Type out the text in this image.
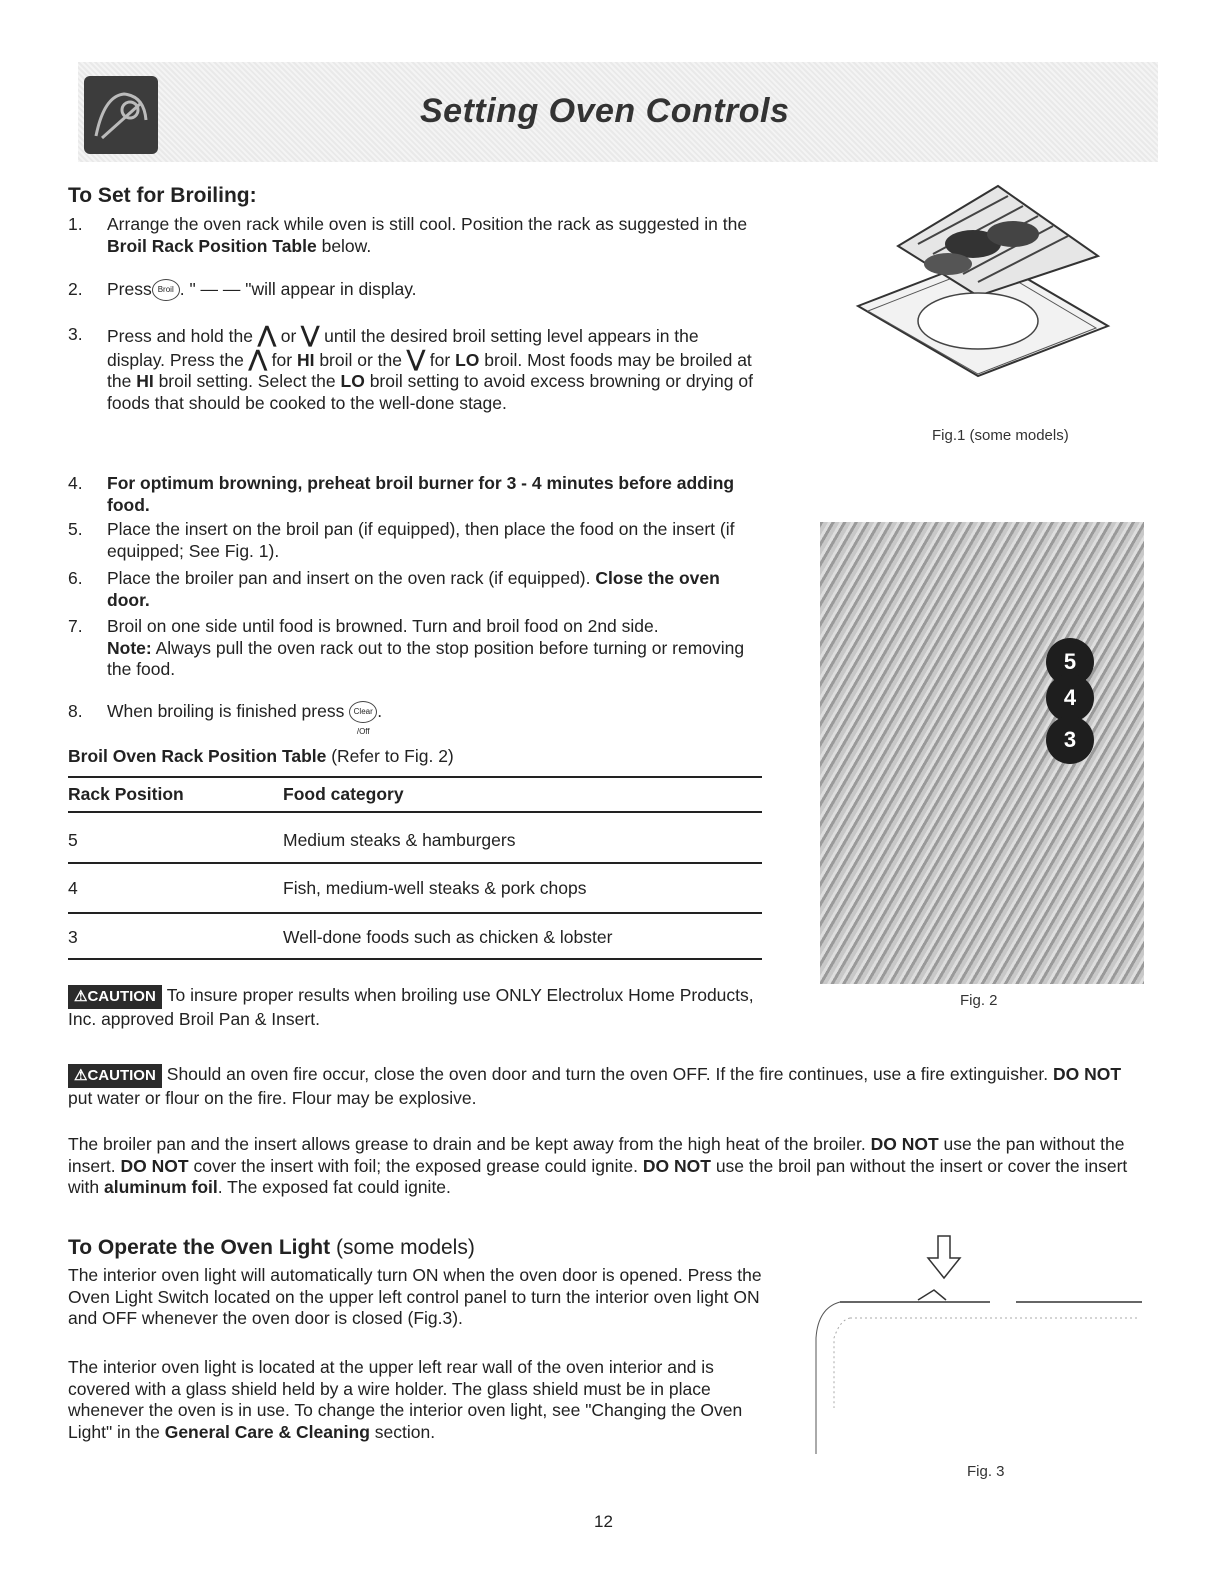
Setting Oven Controls
To Set for Broiling:
1. Arrange the oven rack while oven is still cool. Position the rack as suggested in the Broil Rack Position Table below.
2. Press Broil . " — — "will appear in display.
3. Press and hold the ⋀ or ⋁ until the desired broil setting level appears in the display. Press the ⋀ for HI broil or the ⋁ for LO broil. Most foods may be broiled at the HI broil setting. Select the LO broil setting to avoid excess browning or drying of foods that should be cooked to the well-done stage.
4. For optimum browning, preheat broil burner for 3 - 4 minutes before adding food.
5. Place the insert on the broil pan (if equipped), then place the food on the insert (if equipped; See Fig. 1).
6. Place the broiler pan and insert on the oven rack (if equipped). Close the oven door.
7. Broil on one side until food is browned. Turn and broil food on 2nd side.
Note: Always pull the oven rack out to the stop position before turning or removing the food.
8. When broiling is finished press Clear /Off.
Broil Oven Rack Position Table (Refer to Fig. 2)
Rack Position	Food category
5	Medium steaks & hamburgers
4	Fish, medium-well steaks & pork chops
3	Well-done foods such as chicken & lobster
⚠CAUTION To insure proper results when broiling use ONLY Electrolux Home Products, Inc. approved Broil Pan & Insert.
⚠CAUTION Should an oven fire occur, close the oven door and turn the oven OFF. If the fire continues, use a fire extinguisher. DO NOT put water or flour on the fire. Flour may be explosive.
The broiler pan and the insert allows grease to drain and be kept away from the high heat of the broiler. DO NOT use the pan without the insert. DO NOT cover the insert with foil; the exposed grease could ignite. DO NOT use the broil pan without the insert or cover the insert with aluminum foil. The exposed fat could ignite.
To Operate the Oven Light (some models)
The interior oven light will automatically turn ON when the oven door is opened. Press the Oven Light Switch located on the upper left control panel to turn the interior oven light ON and OFF whenever the oven door is closed (Fig.3).
The interior oven light is located at the upper left rear wall of the oven interior and is covered with a glass shield held by a wire holder. The glass shield must be in place whenever the oven is in use. To change the interior oven light, see "Changing the Oven Light" in the General Care & Cleaning section.
Fig.1 (some models)
5
4
3
Fig. 2
Fig. 3
12
